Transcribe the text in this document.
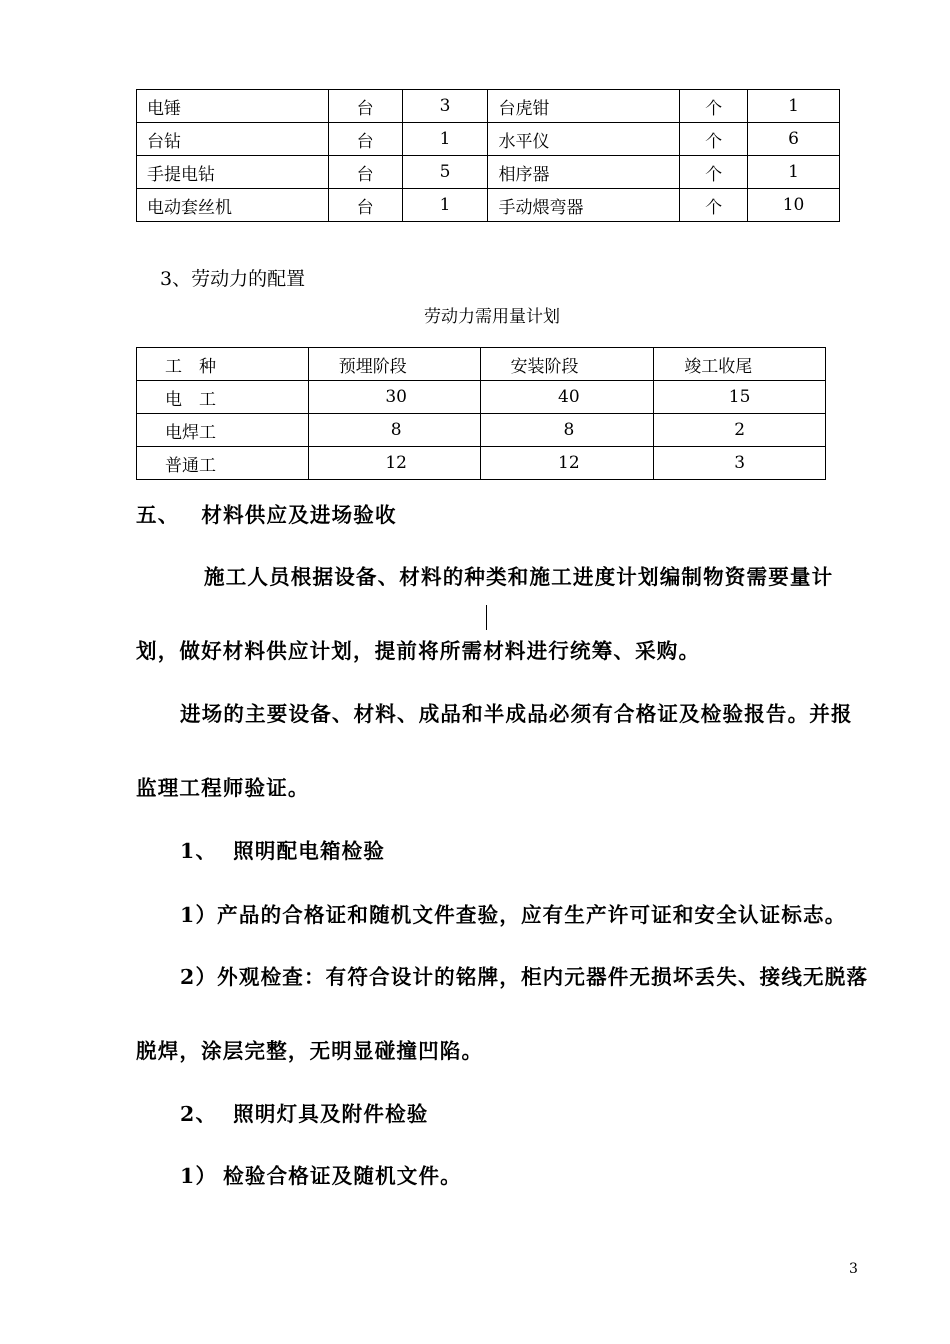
电锤	台	3	台虎钳	个	1
台钻	台	1	水平仪	个	6
手提电钻	台	5	相序器	个	1
电动套丝机	台	1	手动煨弯器	个	10
3、劳动力的配置
劳动力需用量计划
工　种	预埋阶段	安装阶段	竣工收尾
电　工	30	40	15
电焊工	8	8	2
普通工	12	12	3
五、 材料供应及进场验收
施工人员根据设备、材料的种类和施工进度计划编制物资需要量计
划，做好材料供应计划，提前将所需材料进行统筹、采购。
进场的主要设备、材料、成品和半成品必须有合格证及检验报告。并报
监理工程师验证。
1、 照明配电箱检验
1）产品的合格证和随机文件查验，应有生产许可证和安全认证标志。
2）外观检查：有符合设计的铭牌，柜内元器件无损坏丢失、接线无脱落
脱焊，涂层完整，无明显碰撞凹陷。
2、 照明灯具及附件检验
1） 检验合格证及随机文件。
3
